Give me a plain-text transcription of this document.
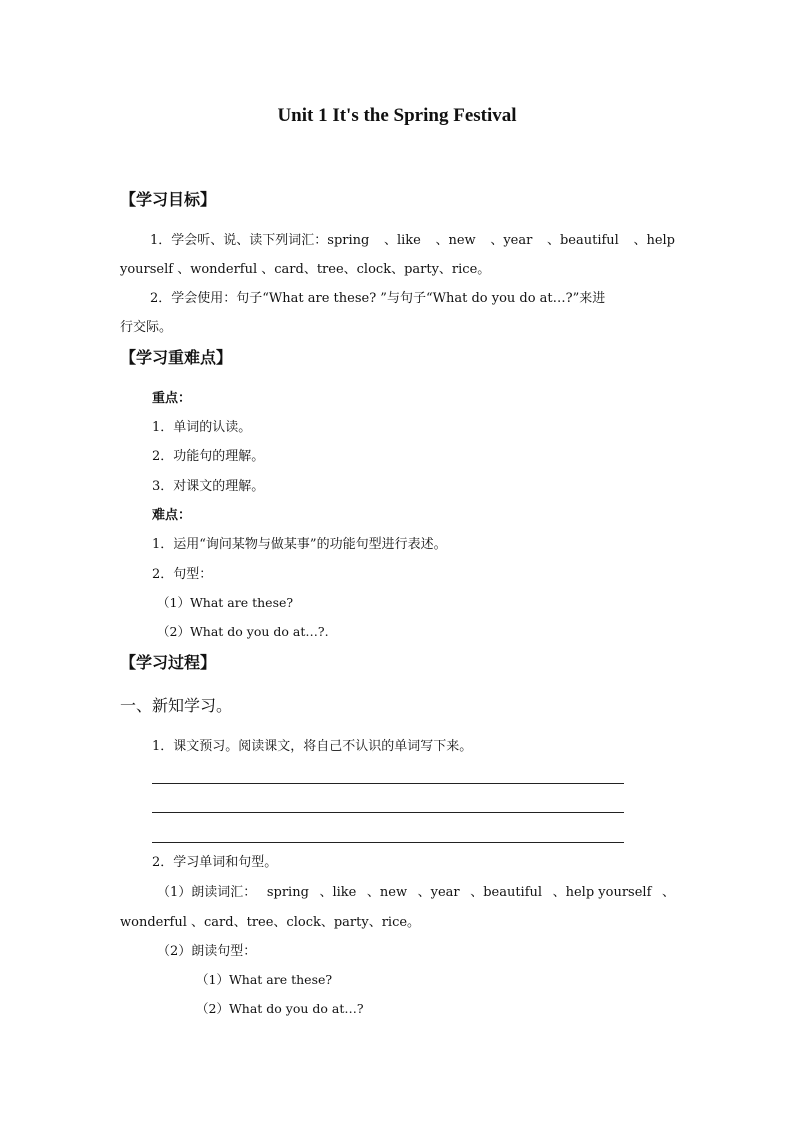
Unit 1 It's the Spring Festival
【学习目标】
1．学会听、说、读下列词汇：spring 、like 、new 、year 、beautiful 、help
yourself 、wonderful 、card、tree、clock、party、rice。
2．学会使用：句子“What are these? ”与句子“What do you do at…?”来进
行交际。
【学习重难点】
重点：
1．单词的认读。
2．功能句的理解。
3．对课文的理解。
难点：
1．运用“询问某物与做某事”的功能句型进行表述。
2．句型：
（1）What are these?
（2）What do you do at…?.
【学习过程】
一、新知学习。
1．课文预习。阅读课文，将自己不认识的单词写下来。
2．学习单词和句型。
（1）朗读词汇： spring 、like 、new 、year 、beautiful 、help yourself 、
wonderful 、card、tree、clock、party、rice。
（2）朗读句型：
（1）What are these?
（2）What do you do at…?
